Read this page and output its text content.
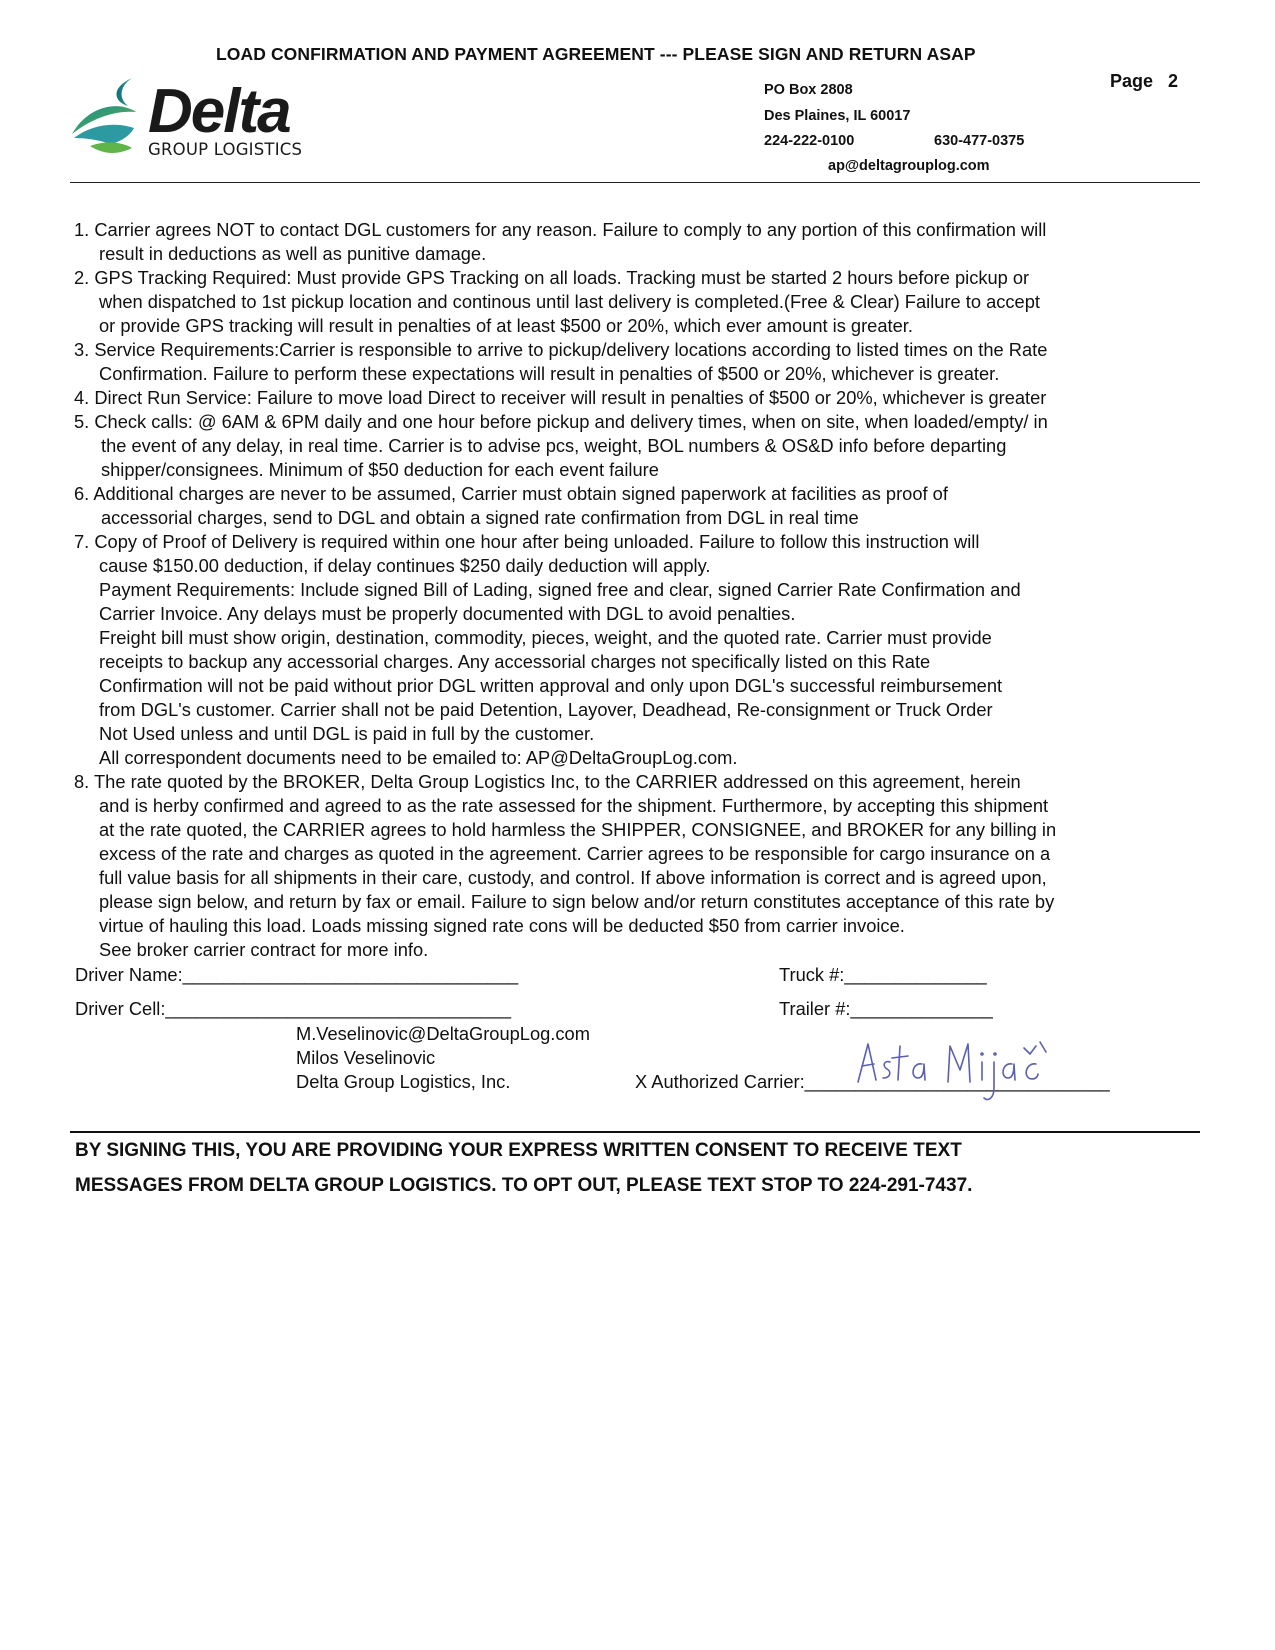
LOAD CONFIRMATION AND PAYMENT AGREEMENT --- PLEASE SIGN AND RETURN ASAP
Page 2
Delta
GROUP LOGISTICS
PO Box 2808
Des Plaines, IL 60017
224-222-0100	630-477-0375
ap@deltagrouplog.com
1. Carrier agrees NOT to contact DGL customers for any reason. Failure to comply to any portion of this confirmation will
result in deductions as well as punitive damage.
2. GPS Tracking Required: Must provide GPS Tracking on all loads. Tracking must be started 2 hours before pickup or
when dispatched to 1st pickup location and continous until last delivery is completed.(Free & Clear) Failure to accept
or provide GPS tracking will result in penalties of at least $500 or 20%, which ever amount is greater.
3. Service Requirements:Carrier is responsible to arrive to pickup/delivery locations according to listed times on the Rate
Confirmation. Failure to perform these expectations will result in penalties of $500 or 20%, whichever is greater.
4. Direct Run Service: Failure to move load Direct to receiver will result in penalties of $500 or 20%, whichever is greater
5. Check calls: @ 6AM & 6PM daily and one hour before pickup and delivery times, when on site, when loaded/empty/ in
the event of any delay, in real time. Carrier is to advise pcs, weight, BOL numbers & OS&D info before departing
shipper/consignees. Minimum of $50 deduction for each event failure
6. Additional charges are never to be assumed, Carrier must obtain signed paperwork at facilities as proof of
accessorial charges, send to DGL and obtain a signed rate confirmation from DGL in real time
7. Copy of Proof of Delivery is required within one hour after being unloaded. Failure to follow this instruction will
cause $150.00 deduction, if delay continues $250 daily deduction will apply.
Payment Requirements: Include signed Bill of Lading, signed free and clear, signed Carrier Rate Confirmation and
Carrier Invoice. Any delays must be properly documented with DGL to avoid penalties.
Freight bill must show origin, destination, commodity, pieces, weight, and the quoted rate. Carrier must provide
receipts to backup any accessorial charges. Any accessorial charges not specifically listed on this Rate
Confirmation will not be paid without prior DGL written approval and only upon DGL's successful reimbursement
from DGL's customer. Carrier shall not be paid Detention, Layover, Deadhead, Re-consignment or Truck Order
Not Used unless and until DGL is paid in full by the customer.
All correspondent documents need to be emailed to: AP@DeltaGroupLog.com.
8. The rate quoted by the BROKER, Delta Group Logistics Inc, to the CARRIER addressed on this agreement, herein
and is herby confirmed and agreed to as the rate assessed for the shipment. Furthermore, by accepting this shipment
at the rate quoted, the CARRIER agrees to hold harmless the SHIPPER, CONSIGNEE, and BROKER for any billing in
excess of the rate and charges as quoted in the agreement. Carrier agrees to be responsible for cargo insurance on a
full value basis for all shipments in their care, custody, and control. If above information is correct and is agreed upon,
please sign below, and return by fax or email. Failure to sign below and/or return constitutes acceptance of this rate by
virtue of hauling this load. Loads missing signed rate cons will be deducted $50 from carrier invoice.
See broker carrier contract for more info.
Driver Name:_________________________________	Truck #:______________
Driver Cell:__________________________________	Trailer #:______________
M.Veselinovic@DeltaGroupLog.com
Milos Veselinovic
Delta Group Logistics, Inc.	X Authorized Carrier:______________________________
BY SIGNING THIS, YOU ARE PROVIDING YOUR EXPRESS WRITTEN CONSENT TO RECEIVE TEXT
MESSAGES FROM DELTA GROUP LOGISTICS. TO OPT OUT, PLEASE TEXT STOP TO 224-291-7437.
